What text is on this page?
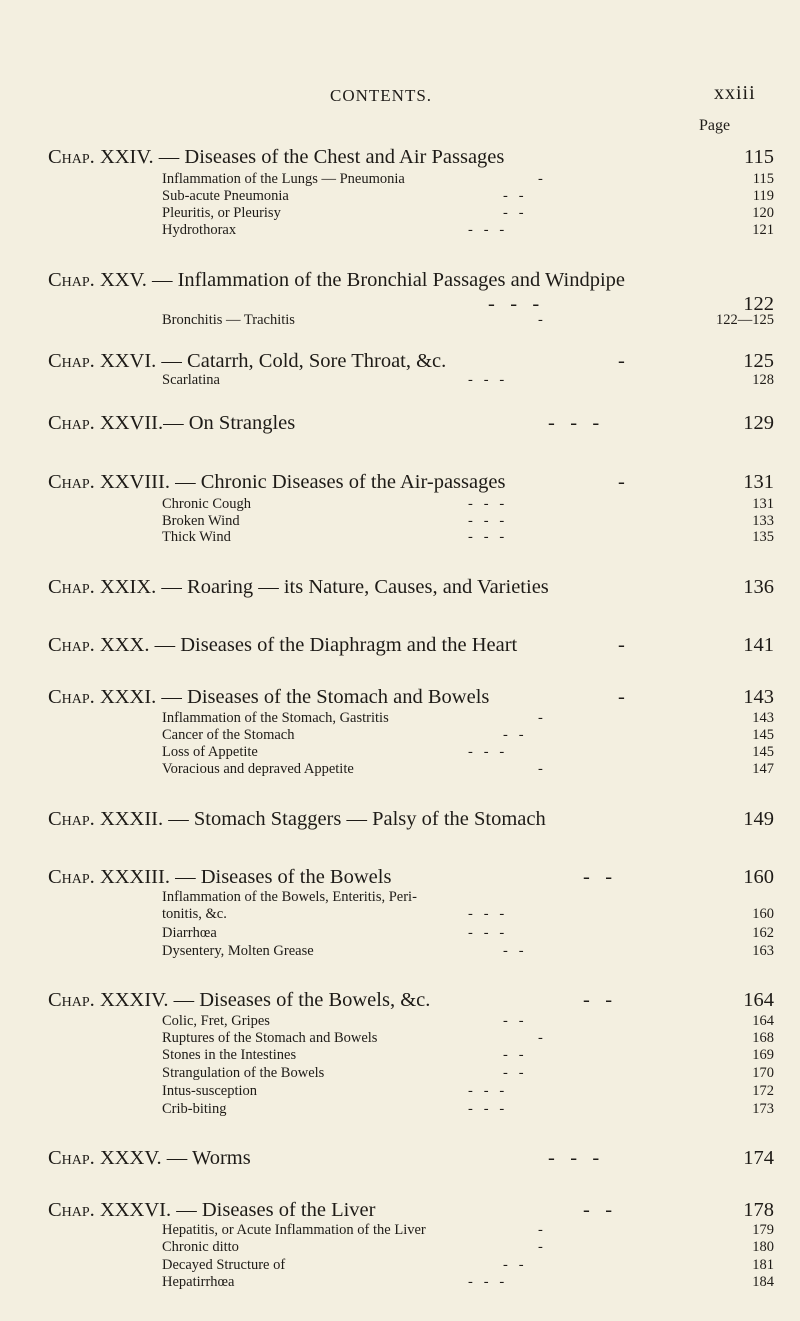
CONTENTS.	xxiii
Page
Chap. XXIV. — Diseases of the Chest and Air Passages	115
Inflammation of the Lungs — Pneumonia	-	115
Sub-acute Pneumonia	-   -	119
Pleuritis, or Pleurisy	-   -	120
Hydrothorax	-   -   -	121
Chap. XXV. — Inflammation of the Bronchial Passages and Windpipe
-   -   -	122
Bronchitis — Trachitis	-	122—125
Chap. XXVI. — Catarrh, Cold, Sore Throat, &c.	-	125
Scarlatina	-   -   -	128
Chap. XXVII.— On Strangles	-   -   -	129
Chap. XXVIII. — Chronic Diseases of the Air-passages	-	131
Chronic Cough	-   -   -	131
Broken Wind	-   -   -	133
Thick Wind	-   -   -	135
Chap. XXIX. — Roaring — its Nature, Causes, and Varieties	136
Chap. XXX. — Diseases of the Diaphragm and the Heart	-	141
Chap. XXXI. — Diseases of the Stomach and Bowels	-	143
Inflammation of the Stomach, Gastritis	-	143
Cancer of the Stomach	-   -	145
Loss of Appetite	-   -   -	145
Voracious and depraved Appetite	-	147
Chap. XXXII. — Stomach Staggers — Palsy of the Stomach	149
Chap. XXXIII. — Diseases of the Bowels	-   -	160
Inflammation of the Bowels, Enteritis, Peri-
tonitis, &c.	-   -   -	160
Diarrhœa	-   -   -	162
Dysentery, Molten Grease	-   -	163
Chap. XXXIV. — Diseases of the Bowels, &c.	-   -	164
Colic, Fret, Gripes	-   -	164
Ruptures of the Stomach and Bowels	-	168
Stones in the Intestines	-   -	169
Strangulation of the Bowels	-   -	170
Intus-susception	-   -   -	172
Crib-biting	-   -   -	173
Chap. XXXV. — Worms	-   -   -	174
Chap. XXXVI. — Diseases of the Liver	-   -	178
Hepatitis, or Acute Inflammation of the Liver	-	179
Chronic ditto	-	180
Decayed Structure of	-   -	181
Hepatirrhœa	-   -   -	184
